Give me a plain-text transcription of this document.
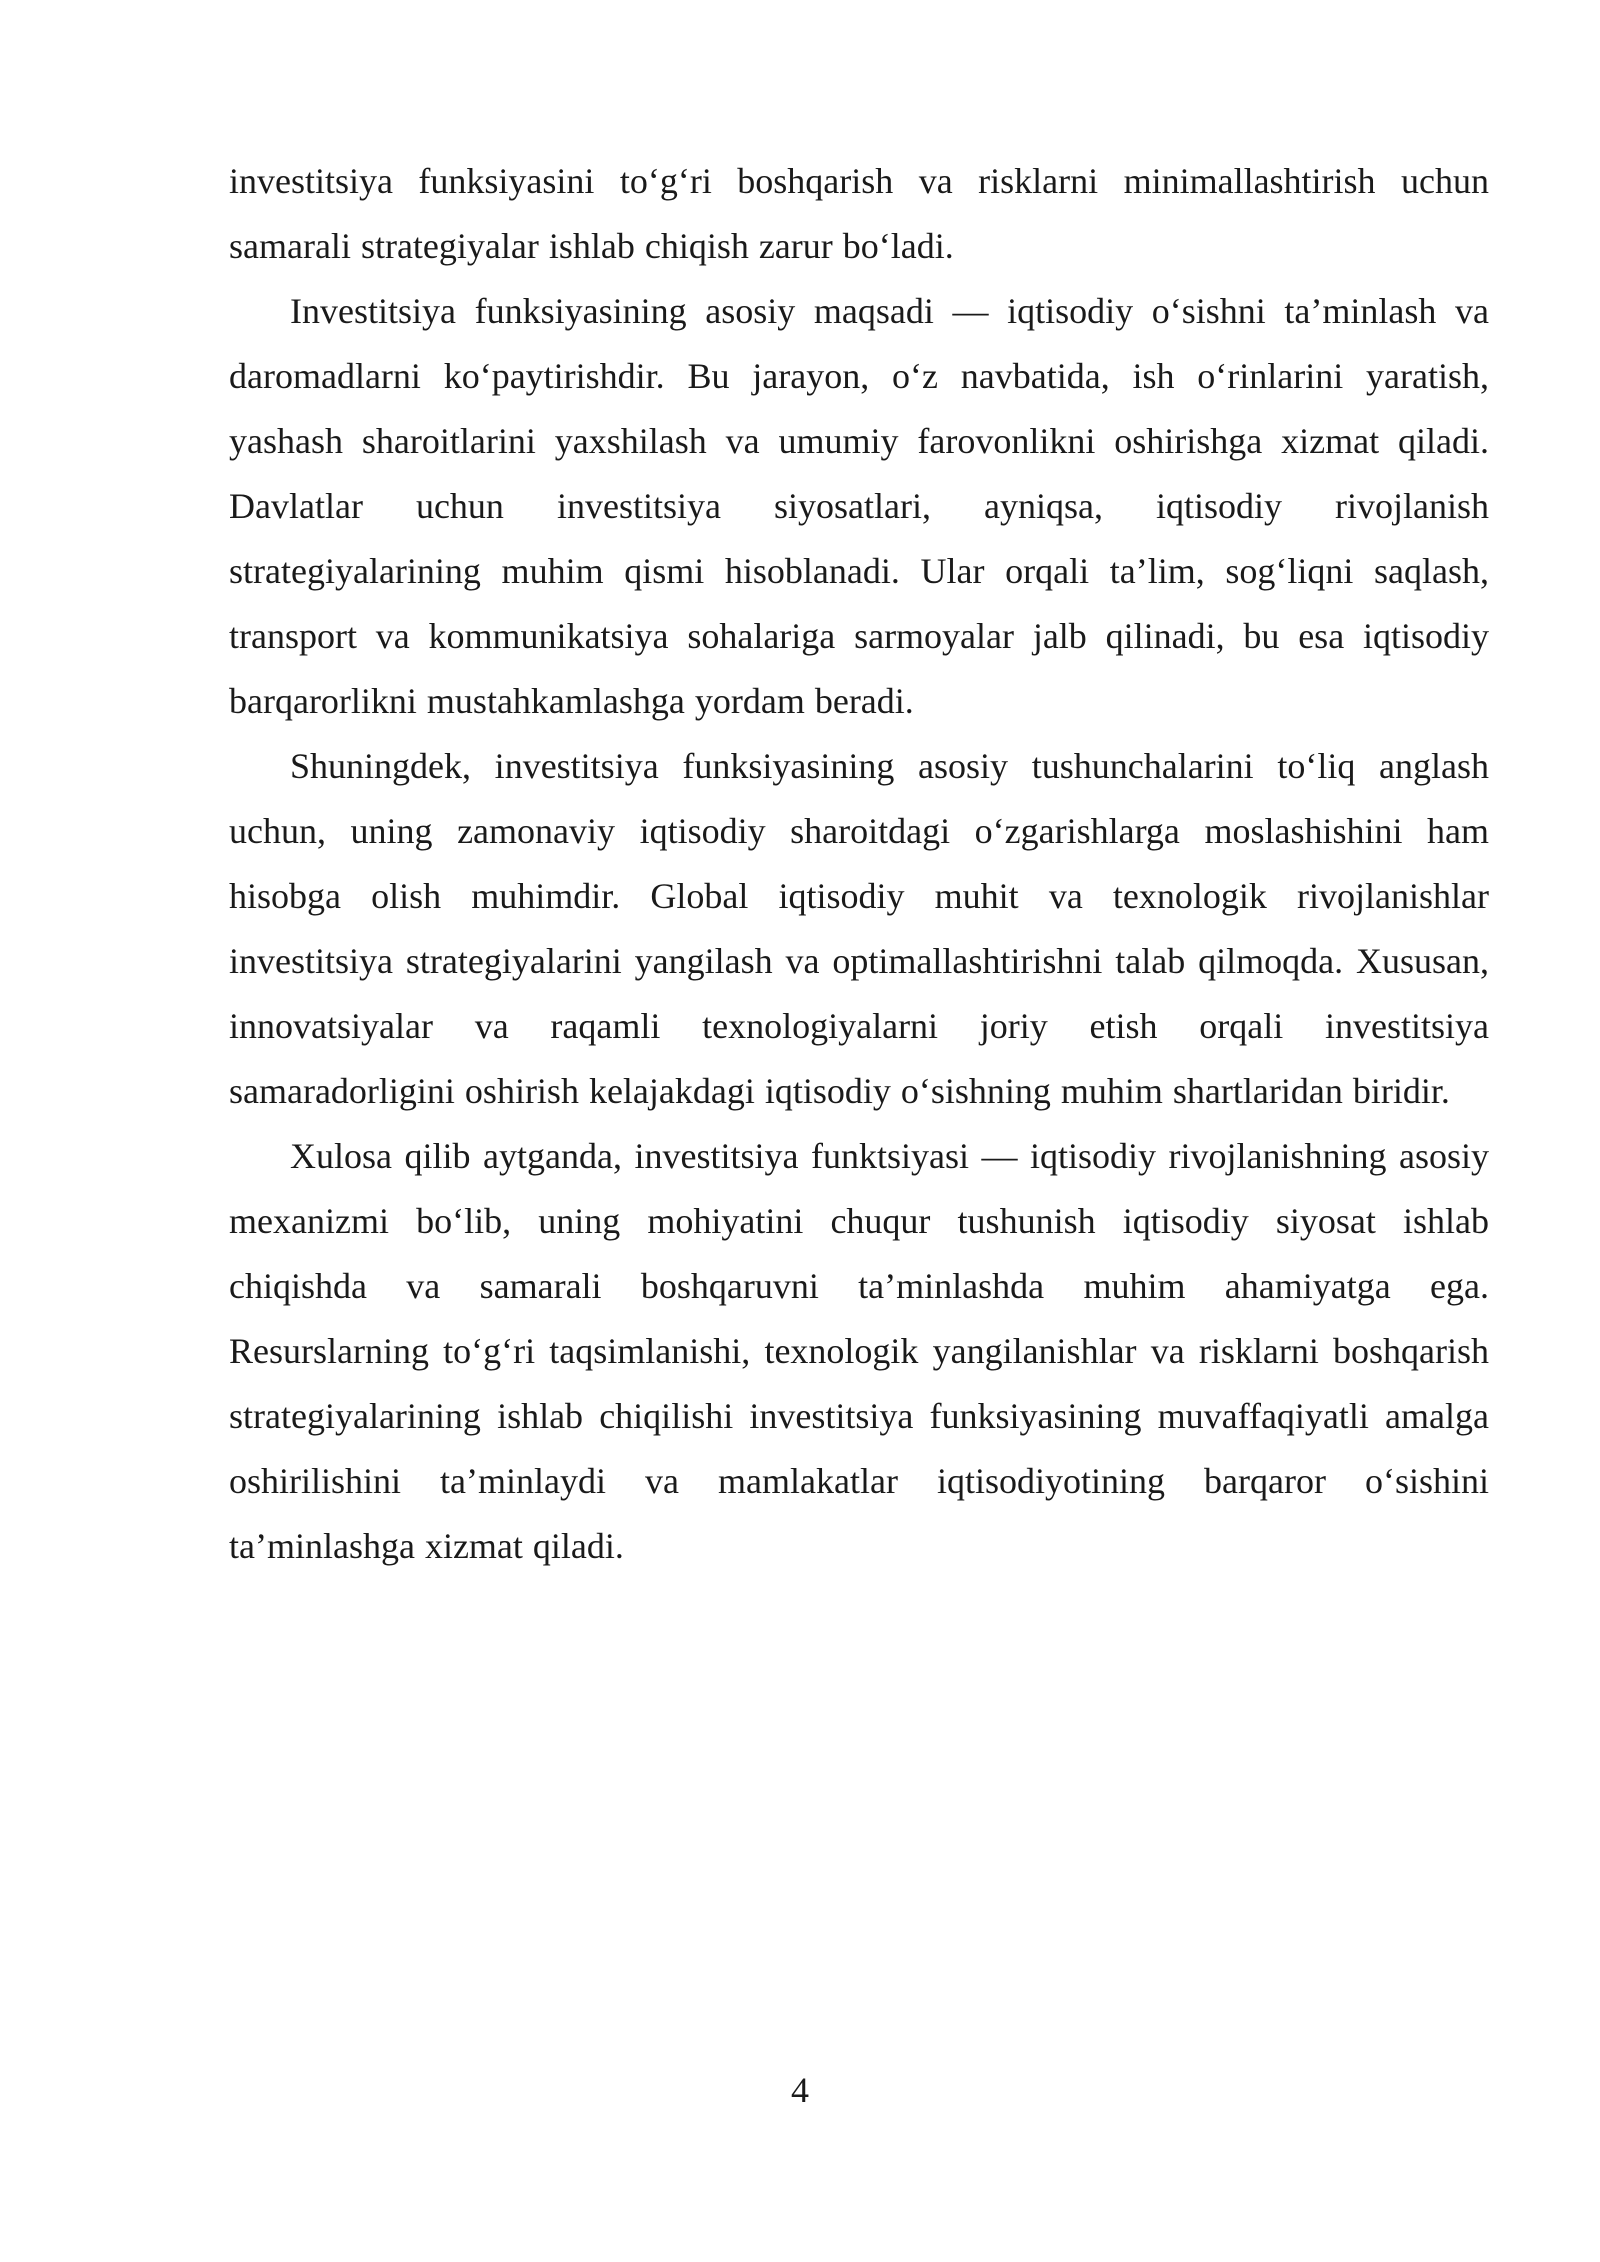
investitsiya funksiyasini to‘g‘ri boshqarish va risklarni minimallashtirish uchun samarali strategiyalar ishlab chiqish zarur bo‘ladi.

Investitsiya funksiyasining asosiy maqsadi — iqtisodiy o‘sishni ta’minlash va daromadlarni ko‘paytirishdir. Bu jarayon, o‘z navbatida, ish o‘rinlarini yaratish, yashash sharoitlarini yaxshilash va umumiy farovonlikni oshirishga xizmat qiladi. Davlatlar uchun investitsiya siyosatlari, ayniqsa, iqtisodiy rivojlanish strategiyalarining muhim qismi hisoblanadi. Ular orqali ta’lim, sog‘liqni saqlash, transport va kommunikatsiya sohalariga sarmoyalar jalb qilinadi, bu esa iqtisodiy barqarorlikni mustahkamlashga yordam beradi.

Shuningdek, investitsiya funksiyasining asosiy tushunchalarini to‘liq anglash uchun, uning zamonaviy iqtisodiy sharoitdagi o‘zgarishlarga moslashishini ham hisobga olish muhimdir. Global iqtisodiy muhit va texnologik rivojlanishlar investitsiya strategiyalarini yangilash va optimallashtirishni talab qilmoqda. Xususan, innovatsiyalar va raqamli texnologiyalarni joriy etish orqali investitsiya samaradorligini oshirish kelajakdagi iqtisodiy o‘sishning muhim shartlaridan biridir.

Xulosa qilib aytganda, investitsiya funktsiyasi — iqtisodiy rivojlanishning asosiy mexanizmi bo‘lib, uning mohiyatini chuqur tushunish iqtisodiy siyosat ishlab chiqishda va samarali boshqaruvni ta’minlashda muhim ahamiyatga ega. Resurslarning to‘g‘ri taqsimlanishi, texnologik yangilanishlar va risklarni boshqarish strategiyalarining ishlab chiqilishi investitsiya funksiyasining muvaffaqiyatli amalga oshirilishini ta’minlaydi va mamlakatlar iqtisodiyotining barqaror o‘sishini ta’minlashga xizmat qiladi.

4
